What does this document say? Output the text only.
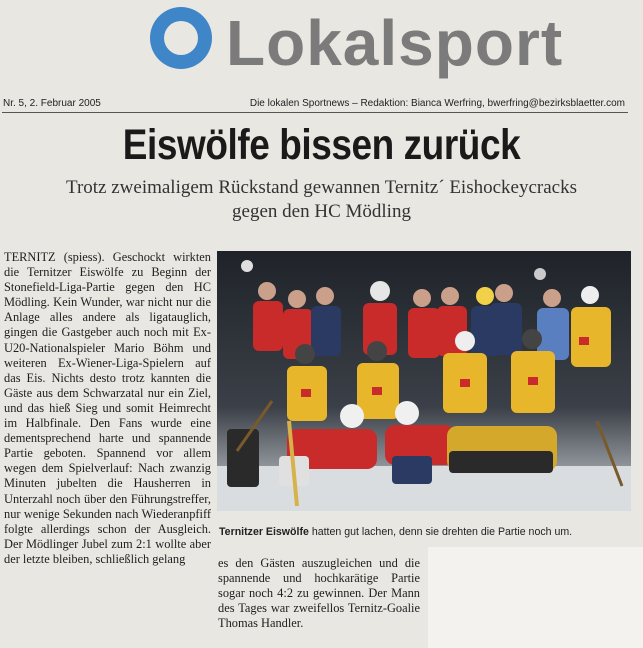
Lokalsport
Nr. 5, 2. Februar 2005	Die lokalen Sportnews – Redaktion: Bianca Werfring, bwerfring@bezirksblaetter.com
Eiswölfe bissen zurück
Trotz zweimaligem Rückstand gewannen Ternitz´ Eishockeycracks
gegen den HC Mödling

TERNITZ (spiess). Geschockt wirkten die Ternitzer Eiswölfe zu Beginn der Stonefield-Liga-Partie gegen den HC Mödling. Kein Wunder, war nicht nur die Anlage alles andere als ligatauglich, gingen die Gastgeber auch noch mit Ex-U20-Nationalspieler Mario Böhm und weiteren Ex-Wiener-Liga-Spielern auf das Eis. Nichts desto trotz kannten die Gäste aus dem Schwarzatal nur ein Ziel, und das hieß Sieg und somit Heimrecht im Halbfinale. Den Fans wurde eine dementsprechend harte und spannende Partie geboten. Spannend vor allem wegen dem Spielverlauf: Nach zwanzig Minuten jubelten die Hausherren in Unterzahl noch über den Führungstreffer, nur wenige Sekunden nach Wiederanpfiff folgte allerdings schon der Ausgleich. Der Mödlinger Jubel zum 2:1 wollte aber der letzte bleiben, schließlich gelang

Ternitzer Eiswölfe hatten gut lachen, denn sie drehten die Partie noch um.

es den Gästen auszugleichen und die spannende und hochkarätige Partie sogar noch 4:2 zu gewinnen. Der Mann des Tages war zweifellos Ternitz-Goalie Thomas Handler.
